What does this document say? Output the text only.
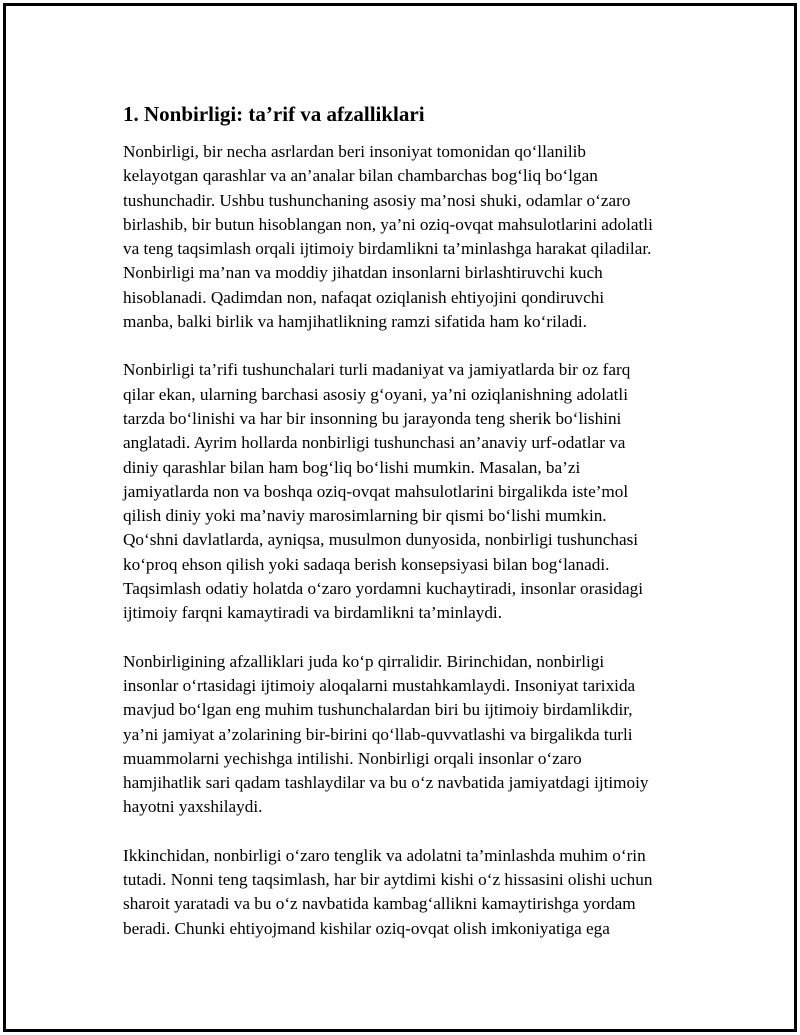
1. Nonbirligi: ta’rif va afzalliklari

Nonbirligi, bir necha asrlardan beri insoniyat tomonidan qo‘llanilib
kelayotgan qarashlar va an’analar bilan chambarchas bog‘liq bo‘lgan
tushunchadir. Ushbu tushunchaning asosiy ma’nosi shuki, odamlar o‘zaro
birlashib, bir butun hisoblangan non, ya’ni oziq-ovqat mahsulotlarini adolatli
va teng taqsimlash orqali ijtimoiy birdamlikni ta’minlashga harakat qiladilar.
Nonbirligi ma’nan va moddiy jihatdan insonlarni birlashtiruvchi kuch
hisoblanadi. Qadimdan non, nafaqat oziqlanish ehtiyojini qondiruvchi
manba, balki birlik va hamjihatlikning ramzi sifatida ham ko‘riladi.

Nonbirligi ta’rifi tushunchalari turli madaniyat va jamiyatlarda bir oz farq
qilar ekan, ularning barchasi asosiy g‘oyani, ya’ni oziqlanishning adolatli
tarzda bo‘linishi va har bir insonning bu jarayonda teng sherik bo‘lishini
anglatadi. Ayrim hollarda nonbirligi tushunchasi an’anaviy urf-odatlar va
diniy qarashlar bilan ham bog‘liq bo‘lishi mumkin. Masalan, ba’zi
jamiyatlarda non va boshqa oziq-ovqat mahsulotlarini birgalikda iste’mol
qilish diniy yoki ma’naviy marosimlarning bir qismi bo‘lishi mumkin.
Qo‘shni davlatlarda, ayniqsa, musulmon dunyosida, nonbirligi tushunchasi
ko‘proq ehson qilish yoki sadaqa berish konsepsiyasi bilan bog‘lanadi.
Taqsimlash odatiy holatda o‘zaro yordamni kuchaytiradi, insonlar orasidagi
ijtimoiy farqni kamaytiradi va birdamlikni ta’minlaydi.

Nonbirligining afzalliklari juda ko‘p qirralidir. Birinchidan, nonbirligi
insonlar o‘rtasidagi ijtimoiy aloqalarni mustahkamlaydi. Insoniyat tarixida
mavjud bo‘lgan eng muhim tushunchalardan biri bu ijtimoiy birdamlikdir,
ya’ni jamiyat a’zolarining bir-birini qo‘llab-quvvatlashi va birgalikda turli
muammolarni yechishga intilishi. Nonbirligi orqali insonlar o‘zaro
hamjihatlik sari qadam tashlaydilar va bu o‘z navbatida jamiyatdagi ijtimoiy
hayotni yaxshilaydi.

Ikkinchidan, nonbirligi o‘zaro tenglik va adolatni ta’minlashda muhim o‘rin
tutadi. Nonni teng taqsimlash, har bir aytdimi kishi o‘z hissasini olishi uchun
sharoit yaratadi va bu o‘z navbatida kambag‘allikni kamaytirishga yordam
beradi. Chunki ehtiyojmand kishilar oziq-ovqat olish imkoniyatiga ega
